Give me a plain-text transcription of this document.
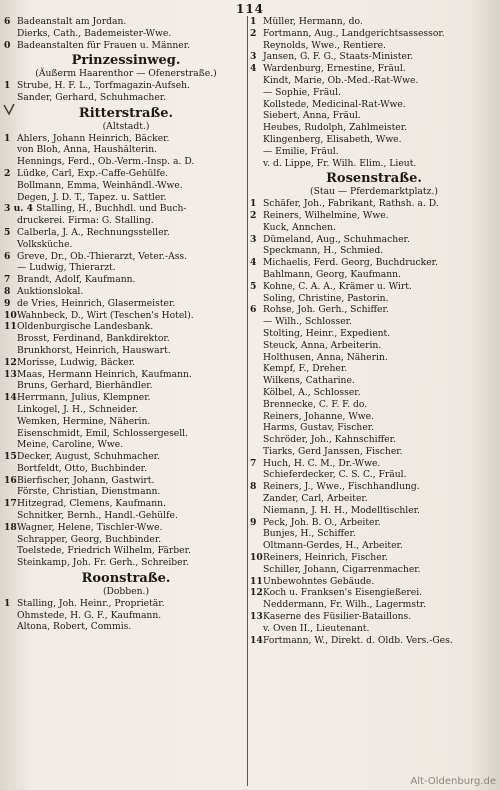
114
6 Badeanstalt am Jordan.
Dierks, Cath., Bademeister-Wwe.
0 Badeanstalten für Frauen u. Männer.
Prinzessinweg.
(Äußerm Haarenthor — Ofenerstraße.)
1 Strube, H. F. L., Torfmagazin-Aufseh.
Sander, Gerhard, Schuhmacher.
Ritterstraße.
(Altstadt.)
1 Ahlers, Johann Heinrich, Bäcker.
von Bloh, Anna, Haushälterin.
Hennings, Ferd., Ob.-Verm.-Insp. a. D.
2 Lüdke, Carl, Exp.-Caffe-Gehülfe.
Bollmann, Emma, Weinhändl.-Wwe.
Degen, J. D. T., Tapez. u. Sattler.
3 u. 4 Stalling, H., Buchhdl. und Buch-
druckerei. Firma: G. Stalling.
5 Calberla, J. A., Rechnungssteller.
Volksküche.
6 Greve, Dr., Ob.-Thierarzt, Veter.-Ass.
— Ludwig, Thierarzt.
7 Brandt, Adolf, Kaufmann.
8 Auktionslokal.
9 de Vries, Heinrich, Glasermeister.
10Wahnbeck, D., Wirt (Teschen's Hotel).
11Oldenburgische Landesbank.
Brosst, Ferdinand, Bankdirektor.
Brunkhorst, Heinrich, Hauswart.
12Morisse, Ludwig, Bäcker.
13Maas, Hermann Heinrich, Kaufmann.
Bruns, Gerhard, Bierhändler.
14Herrmann, Julius, Klempner.
Linkogel, J. H., Schneider.
Wemken, Hermine, Näherin.
Eisenschmidt, Emil, Schlossergesell.
Meine, Caroline, Wwe.
15Decker, August, Schuhmacher.
Bortfeldt, Otto, Buchbinder.
16Bierfischer, Johann, Gastwirt.
Förste, Christian, Dienstmann.
17Hitzegrad, Clemens, Kaufmann.
Schnitker, Bernh., Handl.-Gehülfe.
18Wagner, Helene, Tischler-Wwe.
Schrapper, Georg, Buchbinder.
Toelstede, Friedrich Wilhelm, Färber.
Steinkamp, Joh. Fr. Gerh., Schreiber.
Roonstraße.
(Dobben.)
1 Stalling, Joh. Heinr., Proprietär.
Ohmstede, H. G. F., Kaufmann.
Altona, Robert, Commis.
1 Müller, Hermann, do.
2 Fortmann, Aug., Landgerichtsassessor.
Reynolds, Wwe., Rentiere.
3 Jansen, G. F. G., Staats-Minister.
4 Wardenburg, Ernestine, Fräul.
Kindt, Marie, Ob.-Med.-Rat-Wwe.
— Sophie, Fräul.
Kollstede, Medicinal-Rat-Wwe.
Siebert, Anna, Fräul.
Heubes, Rudolph, Zahlmeister.
Klingenberg, Elisabeth, Wwe.
— Emilie, Fräul.
v. d. Lippe, Fr. Wilh. Elim., Lieut.
Rosenstraße.
(Stau — Pferdemarktplatz.)
1 Schäfer, Joh., Fabrikant, Rathsh. a. D.
2 Reiners, Wilhelmine, Wwe.
Kuck, Annchen.
3 Dümeland, Aug., Schuhmacher.
Speckmann, H., Schmied.
4 Michaelis, Ferd. Georg, Buchdrucker.
Bahlmann, Georg, Kaufmann.
5 Kohne, C. A. A., Krämer u. Wirt.
Soling, Christine, Pastorin.
6 Rohse, Joh. Gerh., Schiffer.
— Wilh., Schlosser.
Stolting, Heinr., Expedient.
Steuck, Anna, Arbeiterin.
Holthusen, Anna, Näherin.
Kempf, F., Dreher.
Wilkens, Catharine.
Kölbel, A., Schlosser.
Brennecke, C. F. F. do.
Reiners, Johanne, Wwe.
Harms, Gustav, Fischer.
Schröder, Joh., Kahnschiffer.
Tiarks, Gerd Janssen, Fischer.
7 Huch, H. C. M., Dr.-Wwe.
Schieferdecker, C. S. C., Fräul.
8 Reiners, J., Wwe., Fischhandlung.
Zander, Carl, Arbeiter.
Niemann, J. H. H., Modelltischler.
9 Peck, Joh. B. O., Arbeiter.
Bunjes, H., Schiffer.
Oltmann-Gerdes, H., Arbeiter.
10Reiners, Heinrich, Fischer.
Schiller, Johann, Cigarrenmacher.
11Unbewohntes Gebäude.
12Koch u. Franksen's Eisengießerei.
Neddermann, Fr. Wilh., Lagermstr.
13Kaserne des Füsilier-Bataillons.
v. Oven II., Lieutenant.
14Fortmann, W., Direkt. d. Oldb. Vers.-Ges.
Alt-Oldenburg.de
